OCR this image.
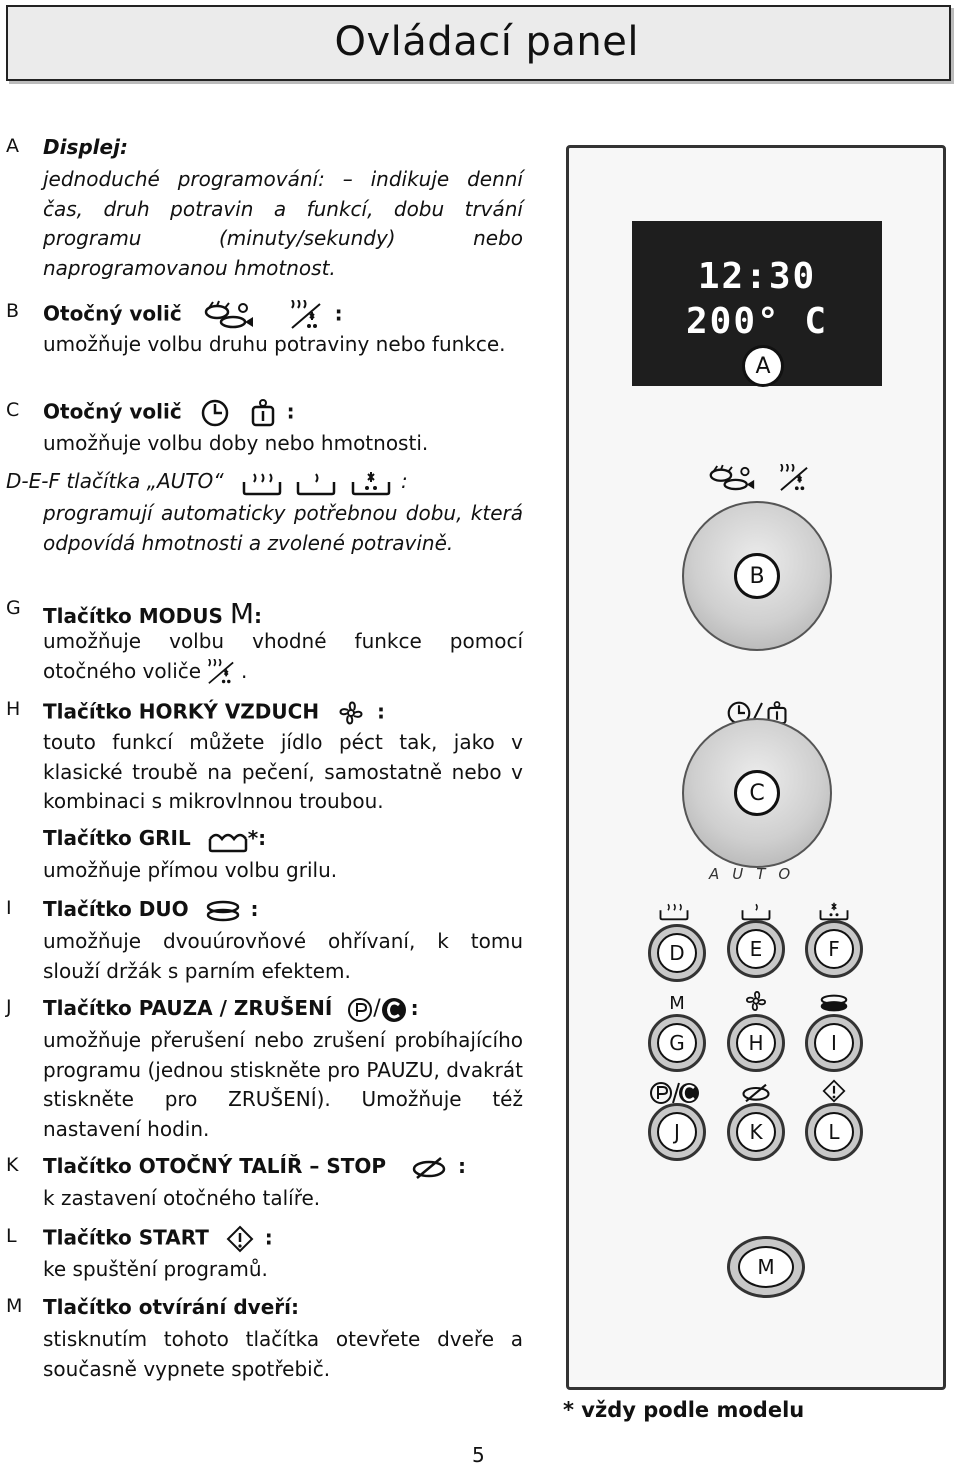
Ovládací panel
A Displej:
jednoduché programování: – indikuje denní čas, druh potravin a funkcí, dobu trvání programu (minuty/sekundy) nebo naprogramovanou hmotnost.
B Otočný volič
	:
umožňuje volbu druhu potraviny nebo funkce.
C Otočný volič
	:
umožňuje volbu doby nebo hmotnosti.
D-E-F tlačítka „AUTO“

	:
programují automaticky potřebnou dobu, která odpovídá hmotnosti a zvolené potravině.
G Tlačítko MODUS M:
umožňuje volbu vhodné funkce pomocí otočného voliče .
H Tlačítko HORKÝ VZDUCH	:
touto funkcí můžete jídlo péct tak, jako v klasické troubě na pečení, samostatně nebo v kombinaci s mikrovlnnou troubou.
Tlačítko GRIL	*:
umožňuje přímou volbu grilu.
I Tlačítko DUO	:
umožňuje dvouúrovňové ohřívaní, k tomu slouží držák s parním efektem.
J Tlačítko PAUZA / ZRUŠENÍ / :
umožňuje přerušení nebo zrušení probíhajícího programu (jednou stiskněte pro PAUZU, dvakrát stiskněte pro ZRUŠENÍ). Umožňuje též nastavení hodin.
K Tlačítko OTOČNÝ TALÍŘ – STOP	:
k zastavení otočného talíře.
L Tlačítko START	:
ke spuštění programů.
M Tlačítko otvírání dveří:
stisknutím tohoto tlačítka otevřete dveře a současně vypnete spotřebič.
12:30
200° C
A
B
C
AUTO
D	E	F
M
G	H	I
J	K	L
M
* vždy podle modelu
5
